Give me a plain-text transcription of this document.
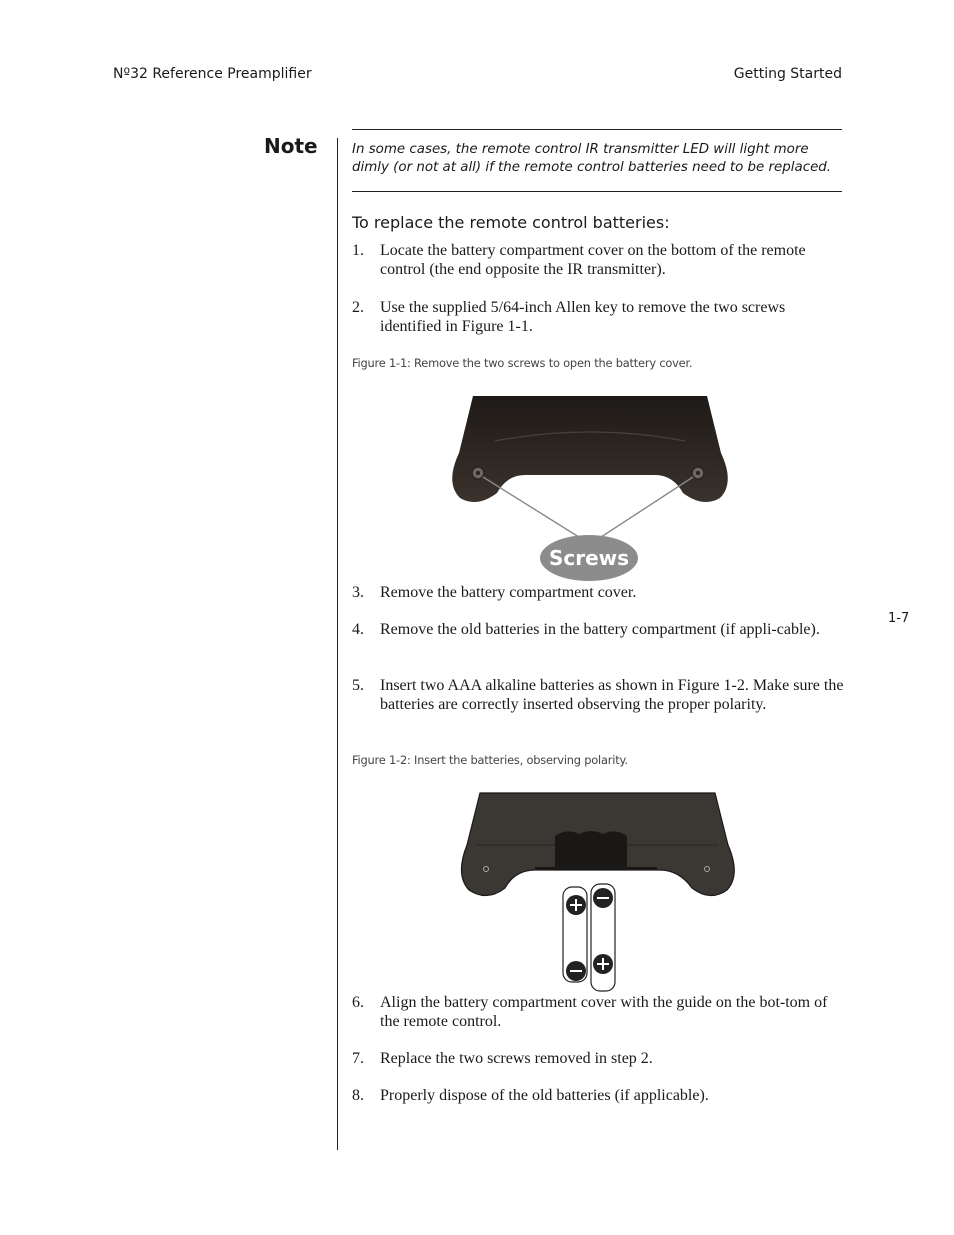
Nº32 Reference Preamplifier	Getting Started
Note	In some cases, the remote control IR transmitter LED will light more dimly (or not at all) if the remote control batteries need to be replaced.
To replace the remote control batteries:
1. Locate the battery compartment cover on the bottom of the remote control (the end opposite the IR transmitter).
2. Use the supplied 5/64-inch Allen key to remove the two screws identified in Figure 1-1.
Figure 1-1: Remove the two screws to open the battery cover.
Screws
3. Remove the battery compartment cover.
4. Remove the old batteries in the battery compartment (if appli-cable).
5. Insert two AAA alkaline batteries as shown in Figure 1-2. Make sure the batteries are correctly inserted observing the proper polarity.
Figure 1-2: Insert the batteries, observing polarity.
6. Align the battery compartment cover with the guide on the bot-tom of the remote control.
7. Replace the two screws removed in step 2.
8. Properly dispose of the old batteries (if applicable).
1-7
